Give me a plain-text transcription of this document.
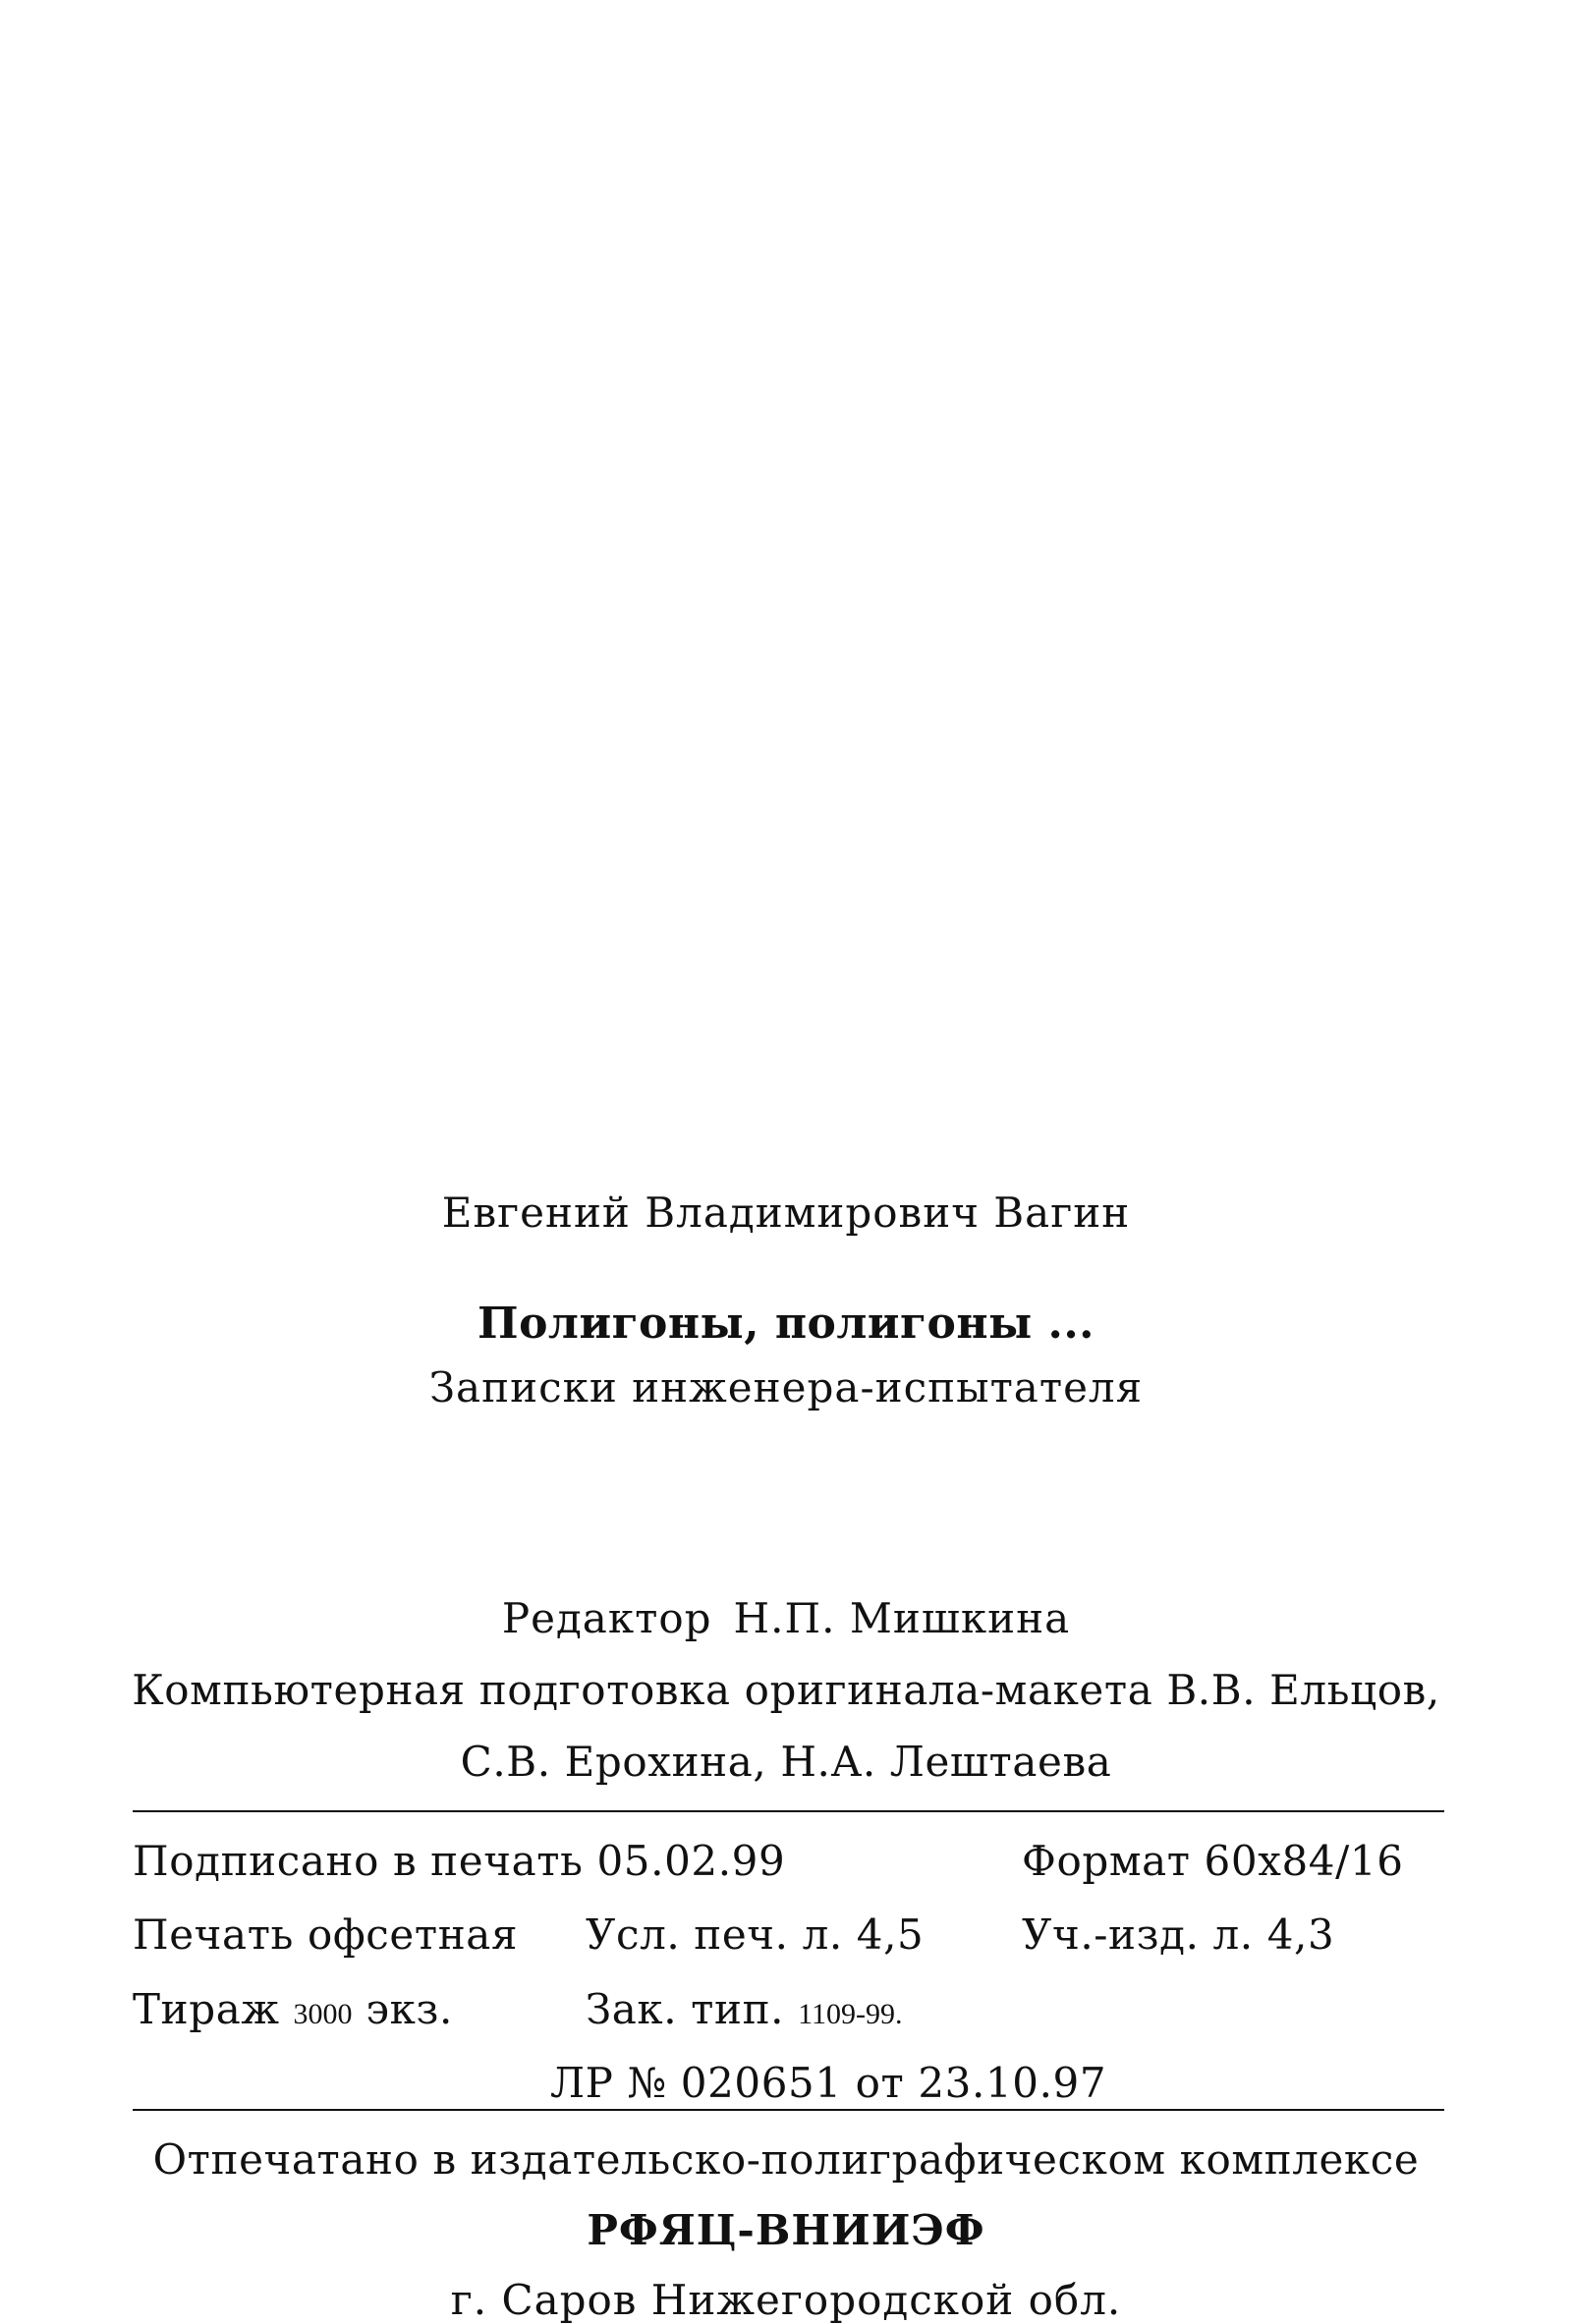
Евгений Владимирович Вагин
Полигоны, полигоны ...
Записки инженера-испытателя
Редактор Н.П. Мишкина
Компьютерная подготовка оригинала-макета В.В. Ельцов,
С.В. Ерохина, Н.А. Лештаева
Подписано в печать 05.02.99	Формат 60х84/16
Печать офсетная Усл. печ. л. 4,5 Уч.-изд. л. 4,3
Тираж 3000 экз.	Зак. тип. 1109-99.
ЛР № 020651 от 23.10.97
Отпечатано в издательско-полиграфическом комплексе
РФЯЦ-ВНИИЭФ
г. Саров Нижегородской обл.
